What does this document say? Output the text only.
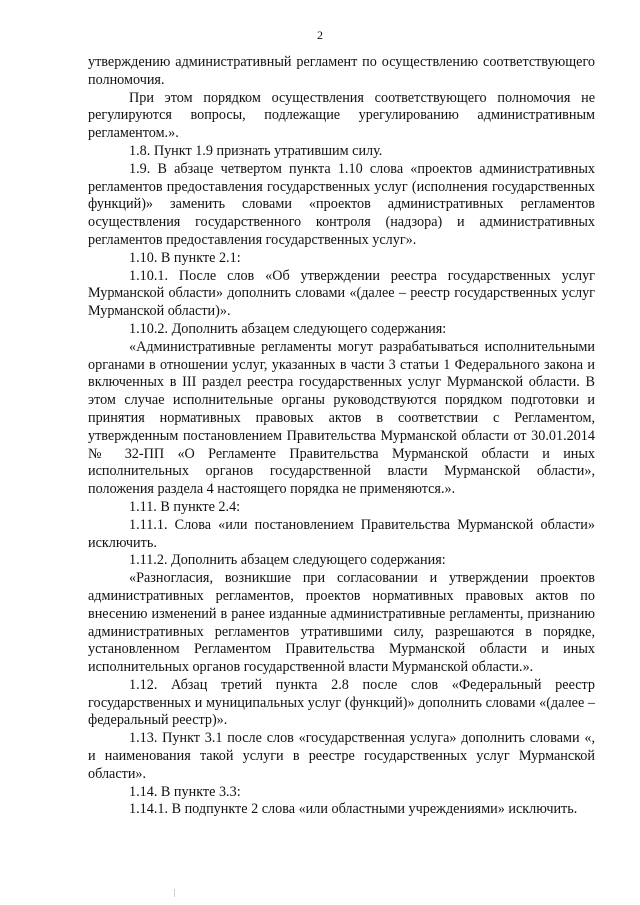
2

утверждению административный регламент по осуществлению соответствующего полномочия.

При этом порядком осуществления соответствующего полномочия не регулируются вопросы, подлежащие урегулированию административным регламентом.».

1.8. Пункт 1.9 признать утратившим силу.

1.9. В абзаце четвертом пункта 1.10 слова «проектов административных регламентов предоставления государственных услуг (исполнения государственных функций)» заменить словами «проектов административных регламентов осуществления государственного контроля (надзора) и административных регламентов предоставления государственных услуг».

1.10. В пункте 2.1:

1.10.1. После слов «Об утверждении реестра государственных услуг Мурманской области» дополнить словами «(далее – реестр государственных услуг Мурманской области)».

1.10.2. Дополнить абзацем следующего содержания:

«Административные регламенты могут разрабатываться исполнительными органами в отношении услуг, указанных в части 3 статьи 1 Федерального закона и включенных в III раздел реестра государственных услуг Мурманской области. В этом случае исполнительные органы руководствуются порядком подготовки и принятия нормативных правовых актов в соответствии с Регламентом, утвержденным постановлением Правительства Мурманской области от 30.01.2014 № 32-ПП «О Регламенте Правительства Мурманской области и иных исполнительных органов государственной власти Мурманской области», положения раздела 4 настоящего порядка не применяются.».

1.11. В пункте 2.4:

1.11.1. Слова «или постановлением Правительства Мурманской области» исключить.

1.11.2. Дополнить абзацем следующего содержания:

«Разногласия, возникшие при согласовании и утверждении проектов административных регламентов, проектов нормативных правовых актов по внесению изменений в ранее изданные административные регламенты, признанию административных регламентов утратившими силу, разрешаются в порядке, установленном Регламентом Правительства Мурманской области и иных исполнительных органов государственной власти Мурманской области.».

1.12. Абзац третий пункта 2.8 после слов «Федеральный реестр государственных и муниципальных услуг (функций)» дополнить словами «(далее – федеральный реестр)».

1.13. Пункт 3.1 после слов «государственная услуга» дополнить словами «, и наименования такой услуги в реестре государственных услуг Мурманской области».

1.14. В пункте 3.3:

1.14.1. В подпункте 2 слова «или областными учреждениями» исключить.
